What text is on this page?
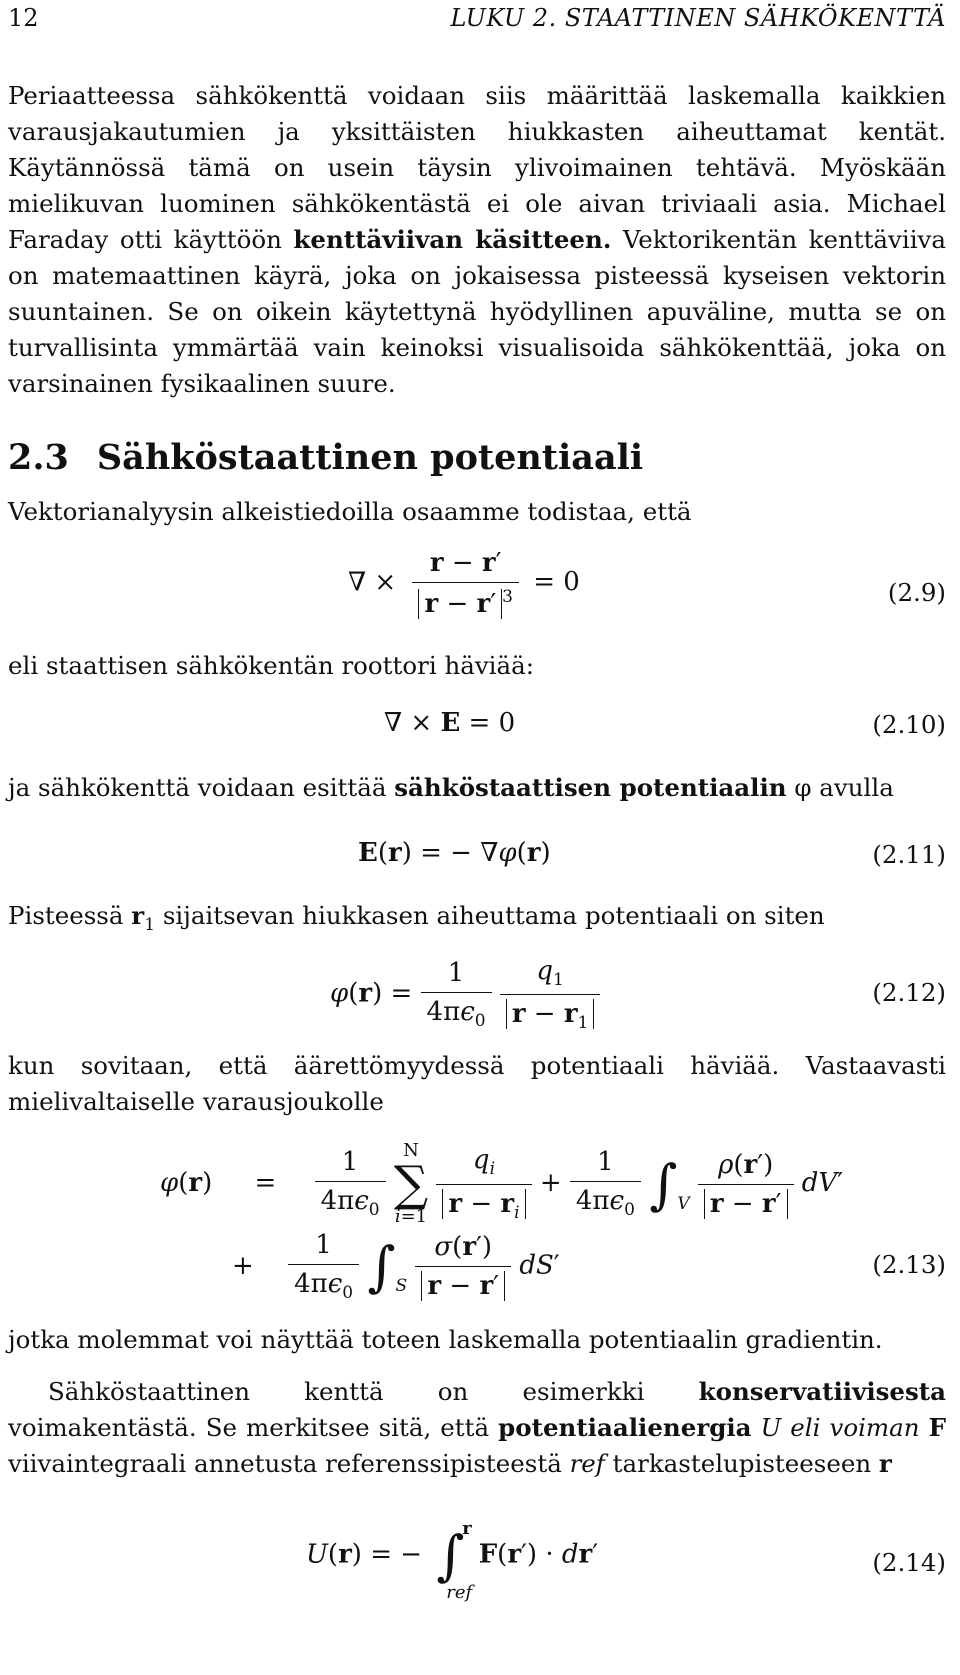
12	LUKU 2. STAATTINEN SÄHKÖKENTTÄ
Periaatteessa sähkökenttä voidaan siis määrittää laskemalla kaikkien varausjakautumien ja yksittäisten hiukkasten aiheuttamat kentät. Käytännössä tämä on usein täysin ylivoimainen tehtävä. Myöskään mielikuvan luominen sähkökentästä ei ole aivan triviaali asia. Michael Faraday otti käyttöön kenttäviivan käsitteen. Vektorikentän kenttäviiva on matemaattinen käyrä, joka on jokaisessa pisteessä kyseisen vektorin suuntainen. Se on oikein käytettynä hyödyllinen apuväline, mutta se on turvallisinta ymmärtää vain keinoksi visualisoida sähkökenttää, joka on varsinainen fysikaalinen suure.
2.3 Sähköstaattinen potentiaali
Vektorianalyysin alkeistiedoilla osaamme todistaa, että
∇ × $\frac{r - r'}{r - r' ^3} = 0$	(2.9)
eli staattisen sähkökentän roottori häviää:
∇ × E = 0	(2.10)
ja sähkökenttä voidaan esittää sähköstaattisen potentiaalin φ avulla
E(r) = − ∇φ(r)	(2.11)
Pisteessä $r_1$ sijaitsevan hiukkasen aiheuttama potentiaali on siten
$\varphi(r) = \frac{1}{4\pi\epsilon_0}$
$\frac{q_1}{r - r_1}$	(2.12)
kun sovitaan, että äärettömyydessä potentiaali häviää. Vastaavasti mielivaltaiselle varausjoukolle
$\varphi(r) = \frac{1}{4\pi\epsilon_0}$ N
∑
$i=1 \frac{q_i}{r - r_i} + \frac{1}{4\pi\epsilon_0} \int_V \frac{\rho(r')}{r - r'} dV'$
+ $\frac{1}{4\pi\epsilon_0} \int_S \frac{\sigma(r')}{r - r'} dS'$	(2.13)
jotka molemmat voi näyttää toteen laskemalla potentiaalin gradientin.
Sähköstaattinen kenttä on esimerkki konservatiivisesta voimakentästä. Se merkitsee sitä, että potentiaalienergia U eli voiman F viivaintegraali annetusta referenssipisteestä ref tarkastelupisteeseen r
U(r) = − ∫
r
ref
F(r′) · dr′	(2.14)
